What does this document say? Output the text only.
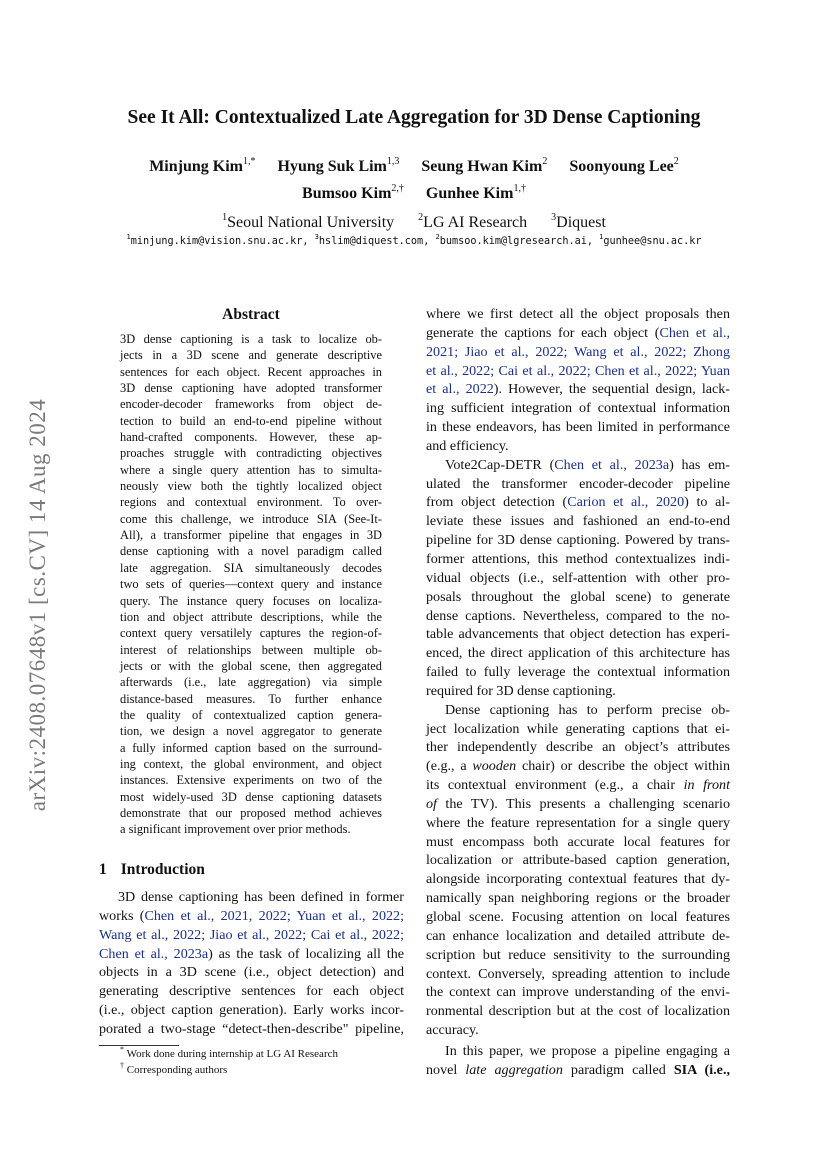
arXiv:2408.07648v1 [cs.CV] 14 Aug 2024
See It All: Contextualized Late Aggregation for 3D Dense Captioning
Minjung Kim$^{1,*}$ Hyung Suk Lim$^{1,3}$ Seung Hwan Kim$^2$ Soonyoung Lee$^2$
Bumsoo Kim$^{2,\dagger}$ Gunhee Kim$^{1,\dagger}$
$^1$Seoul National University $^2$LG AI Research $^3$Diquest
$^1$minjung.kim@vision.snu.ac.kr, $^3$hslim@diquest.com, $^2$bumsoo.kim@lgresearch.ai, $^1$gunhee@snu.ac.kr
Abstract
3D dense captioning is a task to localize ob-
jects in a 3D scene and generate descriptive
sentences for each object. Recent approaches in
3D dense captioning have adopted transformer
encoder-decoder frameworks from object de-
tection to build an end-to-end pipeline without
hand-crafted components. However, these ap-
proaches struggle with contradicting objectives
where a single query attention has to simulta-
neously view both the tightly localized object
regions and contextual environment. To over-
come this challenge, we introduce SIA (See-It-
All), a transformer pipeline that engages in 3D
dense captioning with a novel paradigm called
late aggregation. SIA simultaneously decodes
two sets of queries—context query and instance
query. The instance query focuses on localiza-
tion and object attribute descriptions, while the
context query versatilely captures the region-of-
interest of relationships between multiple ob-
jects or with the global scene, then aggregated
afterwards (i.e., late aggregation) via simple
distance-based measures. To further enhance
the quality of contextualized caption genera-
tion, we design a novel aggregator to generate
a fully informed caption based on the surround-
ing context, the global environment, and object
instances. Extensive experiments on two of the
most widely-used 3D dense captioning datasets
demonstrate that our proposed method achieves
a significant improvement over prior methods.
1 Introduction
3D dense captioning has been defined in former
works (Chen et al., 2021, 2022; Yuan et al., 2022;
Wang et al., 2022; Jiao et al., 2022; Cai et al., 2022;
Chen et al., 2023a) as the task of localizing all the
objects in a 3D scene (i.e., object detection) and
generating descriptive sentences for each object
(i.e., object caption generation). Early works incor-
porated a two-stage “detect-then-describe" pipeline,
* Work done during internship at LG AI Research
† Corresponding authors
where we first detect all the object proposals then
generate the captions for each object (Chen et al.,
2021; Jiao et al., 2022; Wang et al., 2022; Zhong
et al., 2022; Cai et al., 2022; Chen et al., 2022; Yuan
et al., 2022). However, the sequential design, lack-
ing sufficient integration of contextual information
in these endeavors, has been limited in performance
and efficiency.
Vote2Cap-DETR (Chen et al., 2023a) has em-
ulated the transformer encoder-decoder pipeline
from object detection (Carion et al., 2020) to al-
leviate these issues and fashioned an end-to-end
pipeline for 3D dense captioning. Powered by trans-
former attentions, this method contextualizes indi-
vidual objects (i.e., self-attention with other pro-
posals throughout the global scene) to generate
dense captions. Nevertheless, compared to the no-
table advancements that object detection has experi-
enced, the direct application of this architecture has
failed to fully leverage the contextual information
required for 3D dense captioning.
Dense captioning has to perform precise ob-
ject localization while generating captions that ei-
ther independently describe an object’s attributes
(e.g., a wooden chair) or describe the object within
its contextual environment (e.g., a chair in front
of the TV). This presents a challenging scenario
where the feature representation for a single query
must encompass both accurate local features for
localization or attribute-based caption generation,
alongside incorporating contextual features that dy-
namically span neighboring regions or the broader
global scene. Focusing attention on local features
can enhance localization and detailed attribute de-
scription but reduce sensitivity to the surrounding
context. Conversely, spreading attention to include
the context can improve understanding of the envi-
ronmental description but at the cost of localization
accuracy.
In this paper, we propose a pipeline engaging a
novel late aggregation paradigm called SIA (i.e.,
